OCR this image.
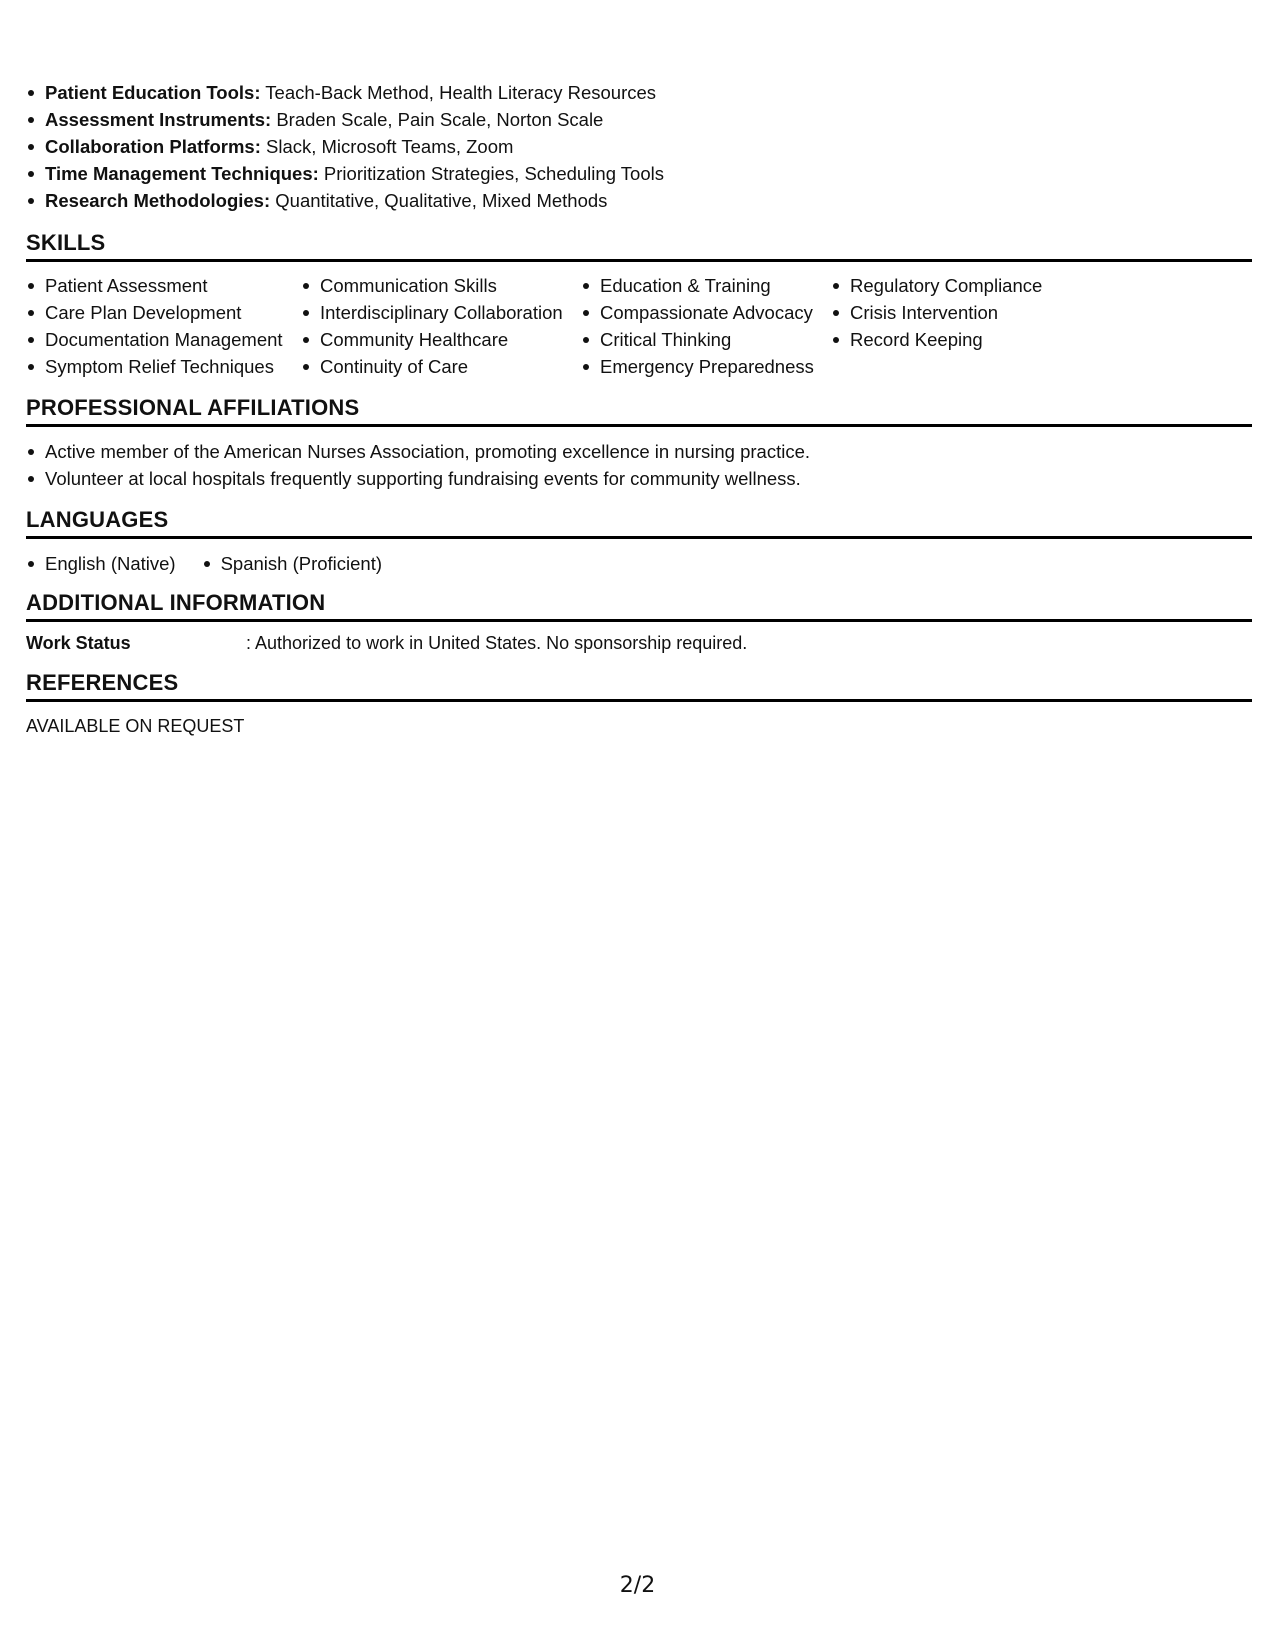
Patient Education Tools: Teach-Back Method, Health Literacy Resources
Assessment Instruments: Braden Scale, Pain Scale, Norton Scale
Collaboration Platforms: Slack, Microsoft Teams, Zoom
Time Management Techniques: Prioritization Strategies, Scheduling Tools
Research Methodologies: Quantitative, Qualitative, Mixed Methods
SKILLS
Patient Assessment
Care Plan Development
Documentation Management
Symptom Relief Techniques
Communication Skills
Interdisciplinary Collaboration
Community Healthcare
Continuity of Care
Education & Training
Compassionate Advocacy
Critical Thinking
Emergency Preparedness
Regulatory Compliance
Crisis Intervention
Record Keeping
PROFESSIONAL AFFILIATIONS
Active member of the American Nurses Association, promoting excellence in nursing practice.
Volunteer at local hospitals frequently supporting fundraising events for community wellness.
LANGUAGES
English (Native)	Spanish (Proficient)
ADDITIONAL INFORMATION
Work Status	: Authorized to work in United States. No sponsorship required.
REFERENCES
AVAILABLE ON REQUEST
2/2
